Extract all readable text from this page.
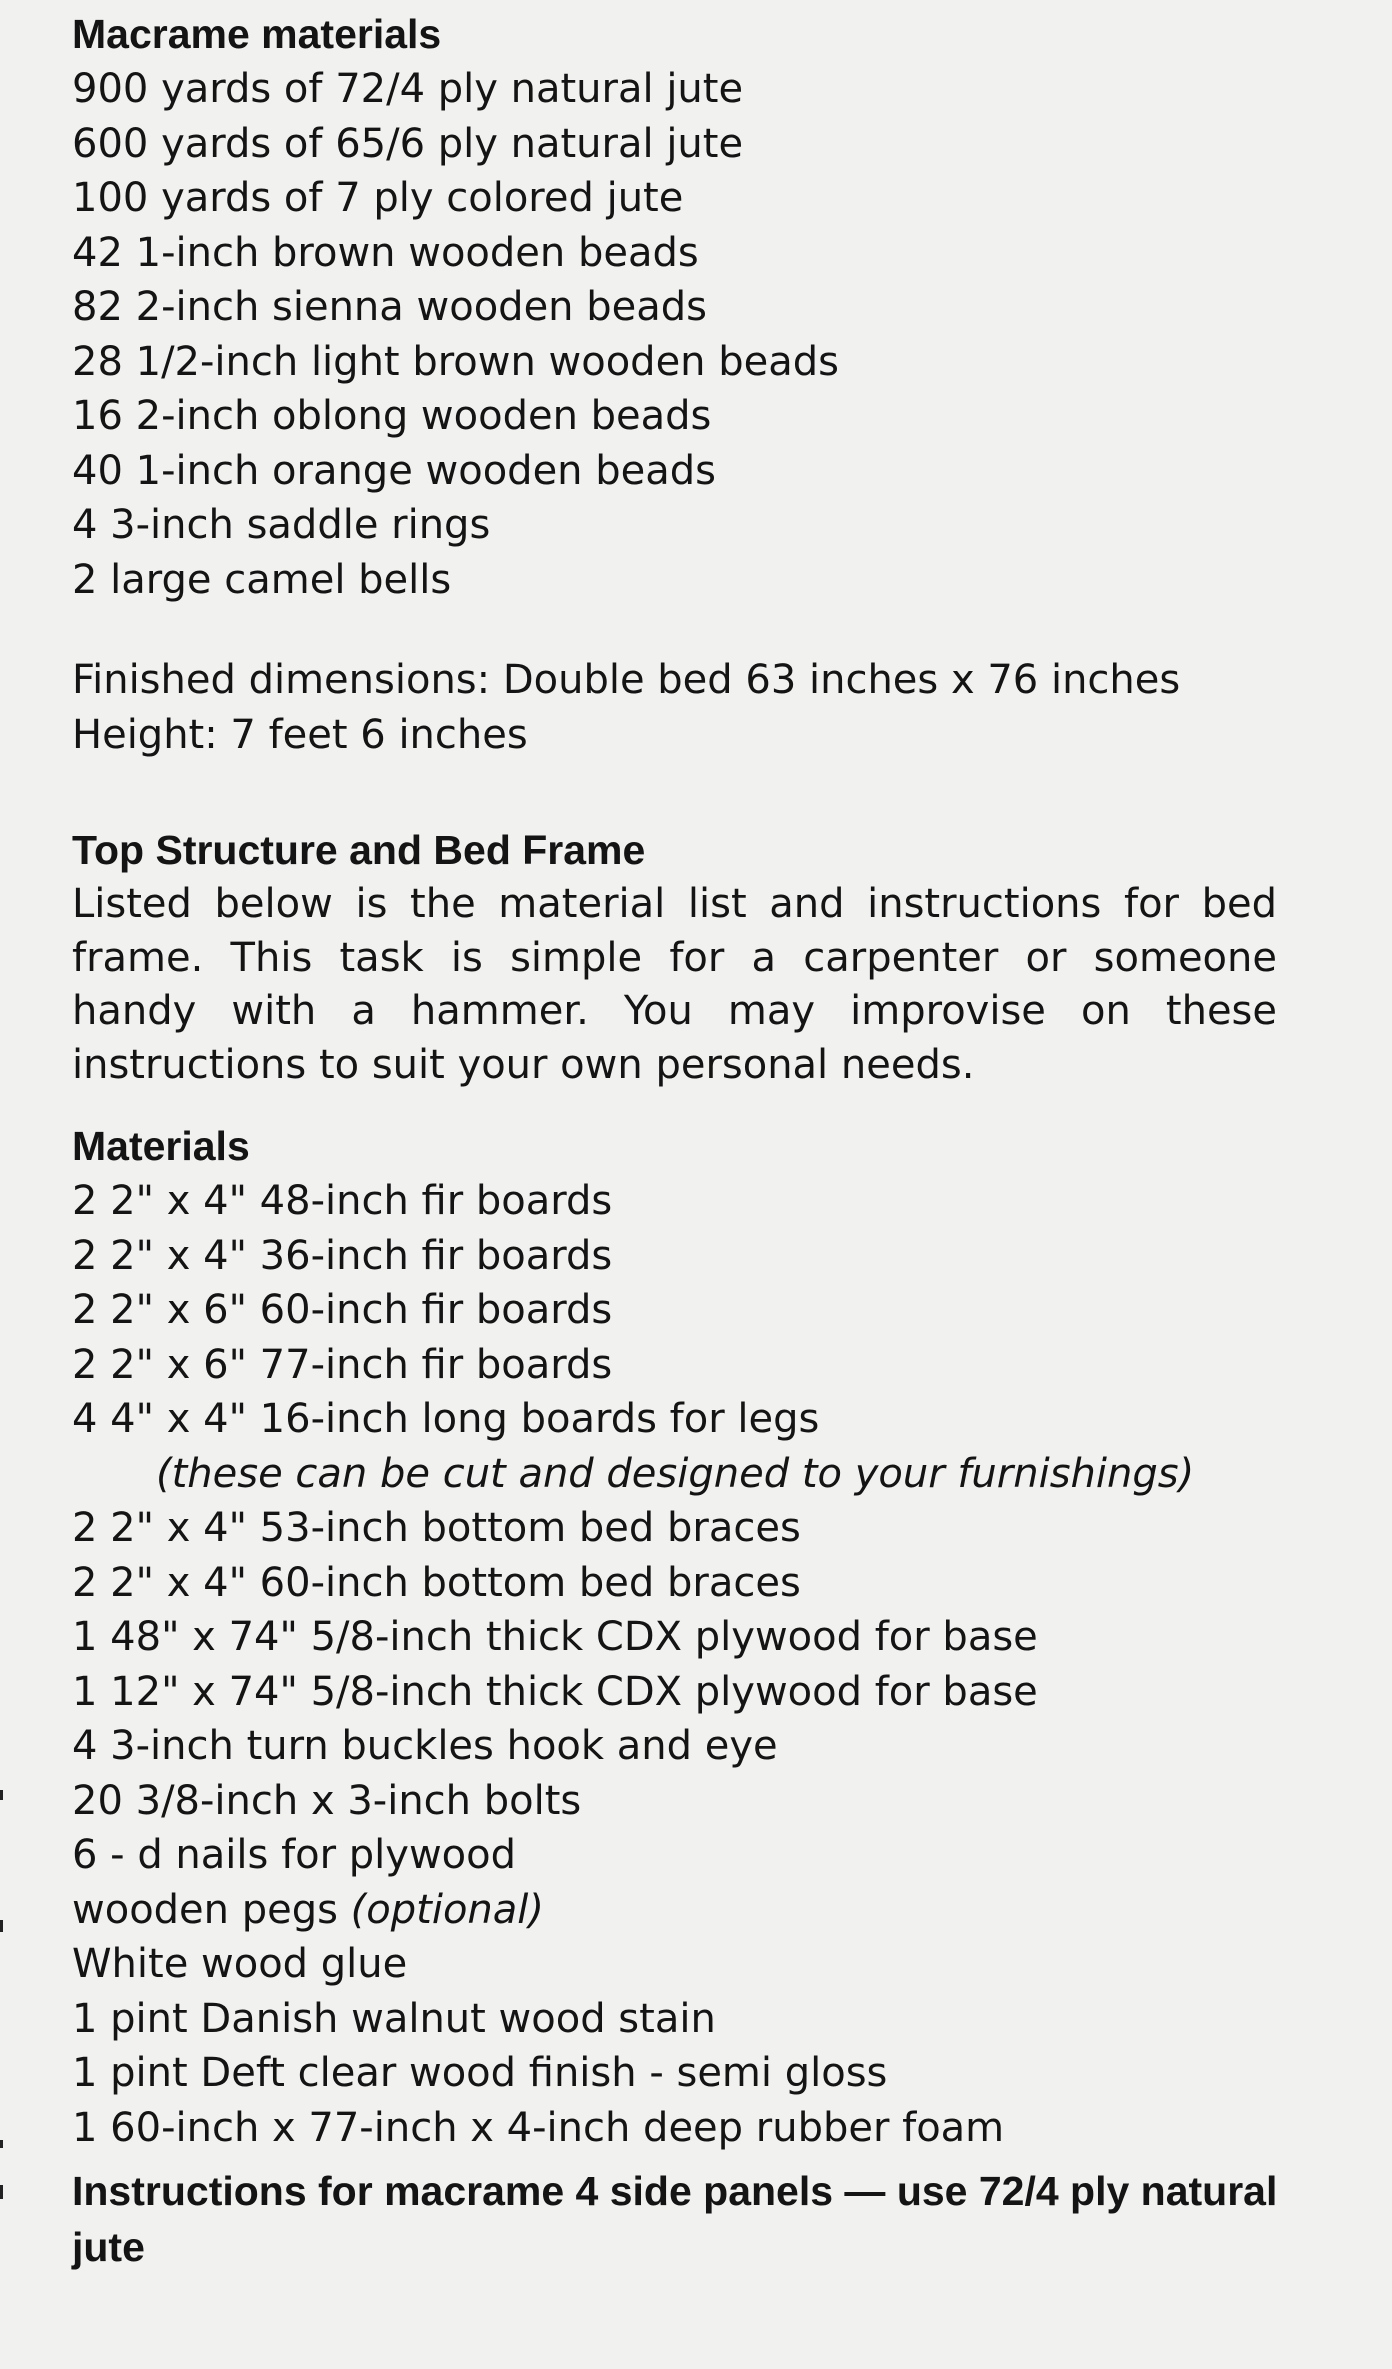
Macrame materials

900 yards of 72/4 ply natural jute

600 yards of 65/6 ply natural jute

100 yards of 7 ply colored jute

42 1-inch brown wooden beads

82 2-inch sienna wooden beads

28 1/2-inch light brown wooden beads

16 2-inch oblong wooden beads

40 1-inch orange wooden beads

4 3-inch saddle rings

2 large camel bells

Finished dimensions: Double bed 63 inches x 76 inches

Height: 7 feet 6 inches

Top Structure and Bed Frame

Listed below is the material list and instructions for bed frame. This task is simple for a carpenter or someone handy with a hammer. You may improvise on these instructions to suit your own personal needs.

Materials

2 2" x 4" 48-inch fir boards

2 2" x 4" 36-inch fir boards

2 2" x 6" 60-inch fir boards

2 2" x 6" 77-inch fir boards

4 4" x 4" 16-inch long boards for legs

(these can be cut and designed to your furnishings)

2 2" x 4" 53-inch bottom bed braces

2 2" x 4" 60-inch bottom bed braces

1 48" x 74" 5/8-inch thick CDX plywood for base

1 12" x 74" 5/8-inch thick CDX plywood for base

4 3-inch turn buckles hook and eye

20 3/8-inch x 3-inch bolts

6 - d nails for plywood

wooden pegs (optional)

White wood glue

1 pint Danish walnut wood stain

1 pint Deft clear wood finish - semi gloss

1 60-inch x 77-inch x 4-inch deep rubber foam

Instructions for macrame 4 side panels — use 72/4 ply natural jute
